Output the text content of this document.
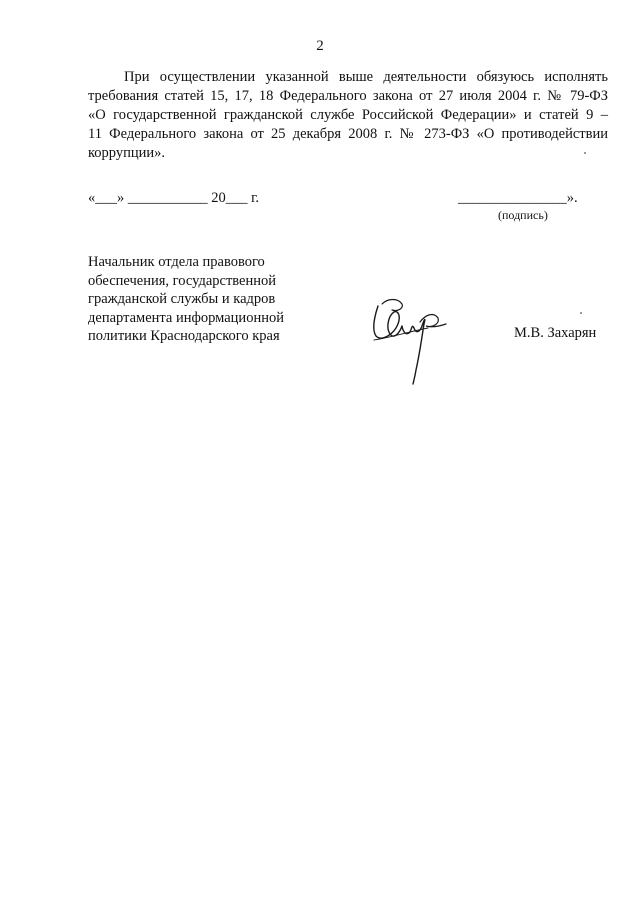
2
При осуществлении указанной выше деятельности обязуюсь исполнять
требования статей 15, 17, 18 Федерального закона от 27 июля 2004 г. № 79-ФЗ
«О государственной гражданской службе Российской Федерации» и статей 9 –
11 Федерального закона от 25 декабря 2008 г. № 273-ФЗ «О противодействии
коррупции».
«___» ___________ 20___ г.	_______________».
(подпись)
Начальник отдела правового
обеспечения, государственной
гражданской службы и кадров
департамента информационной
политики Краснодарского края	М.В. Захарян
